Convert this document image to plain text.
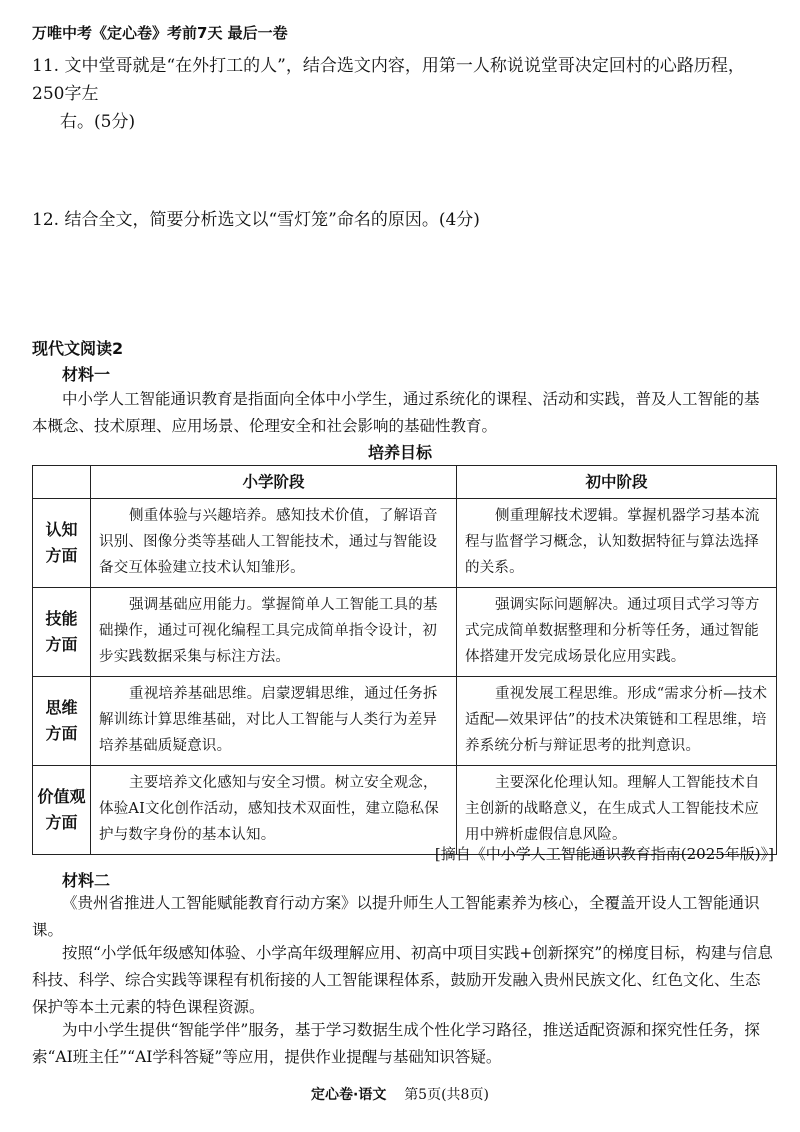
万唯中考《定心卷》考前7天 最后一卷
11. 文中堂哥就是“在外打工的人”，结合选文内容，用第一人称说说堂哥决定回村的心路历程，250字左
右。(5分)
12. 结合全文，简要分析选文以“雪灯笼”命名的原因。(4分)
现代文阅读2
材料一
中小学人工智能通识教育是指面向全体中小学生，通过系统化的课程、活动和实践，普及人工智能的基本概念、技术原理、应用场景、伦理安全和社会影响的基础性教育。
培养目标
	小学阶段	初中阶段

认知
方面	侧重体验与兴趣培养。感知技术价值，了解语音识别、图像分类等基础人工智能技术，通过与智能设备交互体验建立技术认知雏形。	侧重理解技术逻辑。掌握机器学习基本流程与监督学习概念，认知数据特征与算法选择的关系。

技能
方面	强调基础应用能力。掌握简单人工智能工具的基础操作，通过可视化编程工具完成简单指令设计，初步实践数据采集与标注方法。	强调实际问题解决。通过项目式学习等方式完成简单数据整理和分析等任务，通过智能体搭建开发完成场景化应用实践。

思维
方面	重视培养基础思维。启蒙逻辑思维，通过任务拆解训练计算思维基础，对比人工智能与人类行为差异培养基础质疑意识。	重视发展工程思维。形成“需求分析—技术适配—效果评估”的技术决策链和工程思维，培养系统分析与辩证思考的批判意识。

价值观
方面	主要培养文化感知与安全习惯。树立安全观念，体验AI文化创作活动，感知技术双面性，建立隐私保护与数字身份的基本认知。	主要深化伦理认知。理解人工智能技术自主创新的战略意义，在生成式人工智能技术应用中辨析虚假信息风险。
[摘自《中小学人工智能通识教育指南(2025年版)》]
材料二
《贵州省推进人工智能赋能教育行动方案》以提升师生人工智能素养为核心，全覆盖开设人工智能通识课。
按照“小学低年级感知体验、小学高年级理解应用、初高中项目实践+创新探究”的梯度目标，构建与信息科技、科学、综合实践等课程有机衔接的人工智能课程体系，鼓励开发融入贵州民族文化、红色文化、生态保护等本土元素的特色课程资源。
为中小学生提供“智能学伴”服务，基于学习数据生成个性化学习路径，推送适配资源和探究性任务，探索“AI班主任”“AI学科答疑”等应用，提供作业提醒与基础知识答疑。
定心卷·语文 第5页(共8页)
